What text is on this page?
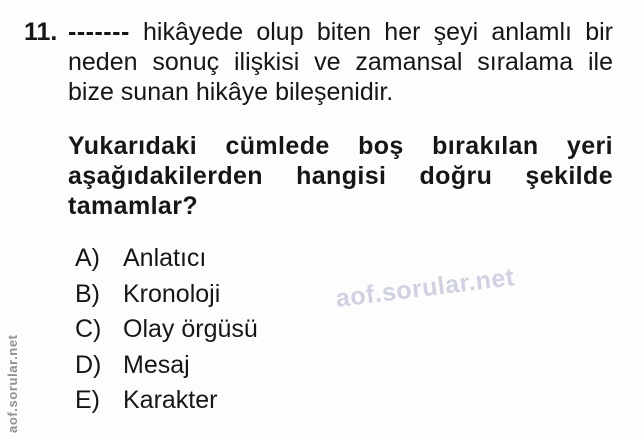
11. ------- hikâyede olup biten her şeyi anlamlı bir neden sonuç ilişkisi ve zamansal sıralama ile bize sunan hikâye bileşenidir.
Yukarıdaki cümlede boş bırakılan yeri aşağıdakilerden hangisi doğru şekilde tamamlar?
A) Anlatıcı
B) Kronoloji
C) Olay örgüsü
D) Mesaj
E) Karakter
aof.sorular.net
aof.sorular.net
